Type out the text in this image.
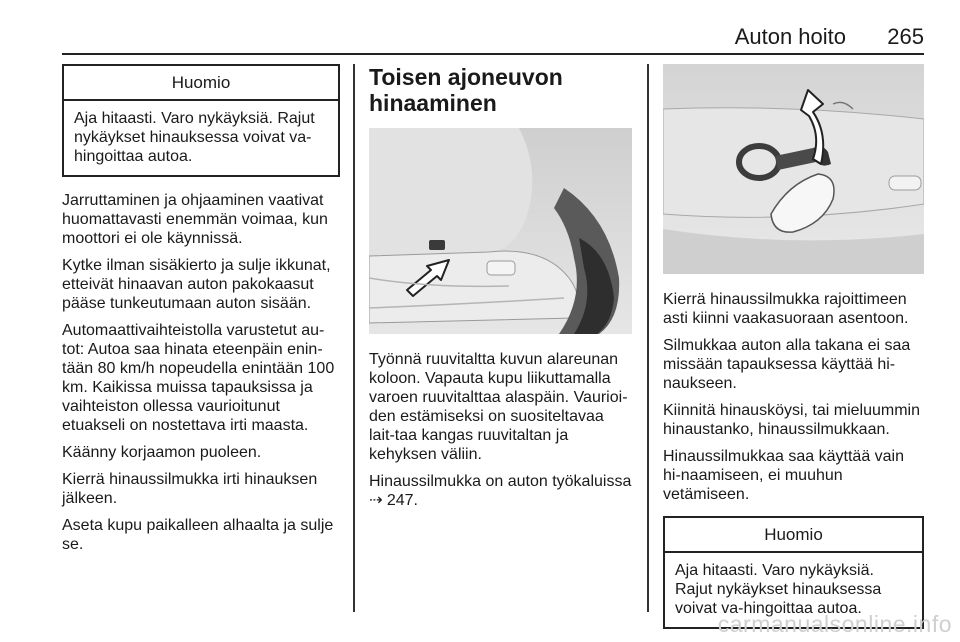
Auton hoito 265
Huomio
Aja hitaasti. Varo nykäyksiä. Rajut nykäykset hinauksessa voivat va-hingoittaa autoa.

Jarruttaminen ja ohjaaminen vaativat huomattavasti enemmän voimaa, kun moottori ei ole käynnissä.

Kytke ilman sisäkierto ja sulje ikkunat, etteivät hinaavan auton pakokaasut pääse tunkeutumaan auton sisään.

Automaattivaihteistolla varustetut au-tot: Autoa saa hinata eteenpäin enin-tään 80 km/h nopeudella enintään 100 km. Kaikissa muissa tapauksissa ja vaihteiston ollessa vaurioitunut etuakseli on nostettava irti maasta.

Käänny korjaamon puoleen.

Kierrä hinaussilmukka irti hinauksen jälkeen.

Aseta kupu paikalleen alhaalta ja sulje se.

Toisen ajoneuvon
hinaaminen

Työnnä ruuvitaltta kuvun alareunan koloon. Vapauta kupu liikuttamalla varoen ruuvitalttaa alaspäin. Vaurioi-den estämiseksi on suositeltavaa lait-taa kangas ruuvitaltan ja kehyksen väliin.

Hinaussilmukka on auton työkaluissa
⇢ 247.

Kierrä hinaussilmukka rajoittimeen asti kiinni vaakasuoraan asentoon.

Silmukkaa auton alla takana ei saa missään tapauksessa käyttää hi-naukseen.

Kiinnitä hinausköysi, tai mieluummin hinaustanko, hinaussilmukkaan.

Hinaussilmukkaa saa käyttää vain hi-naamiseen, ei muuhun vetämiseen.

Huomio
Aja hitaasti. Varo nykäyksiä. Rajut nykäykset hinauksessa voivat va-hingoittaa autoa.
carmanualsonline.info
